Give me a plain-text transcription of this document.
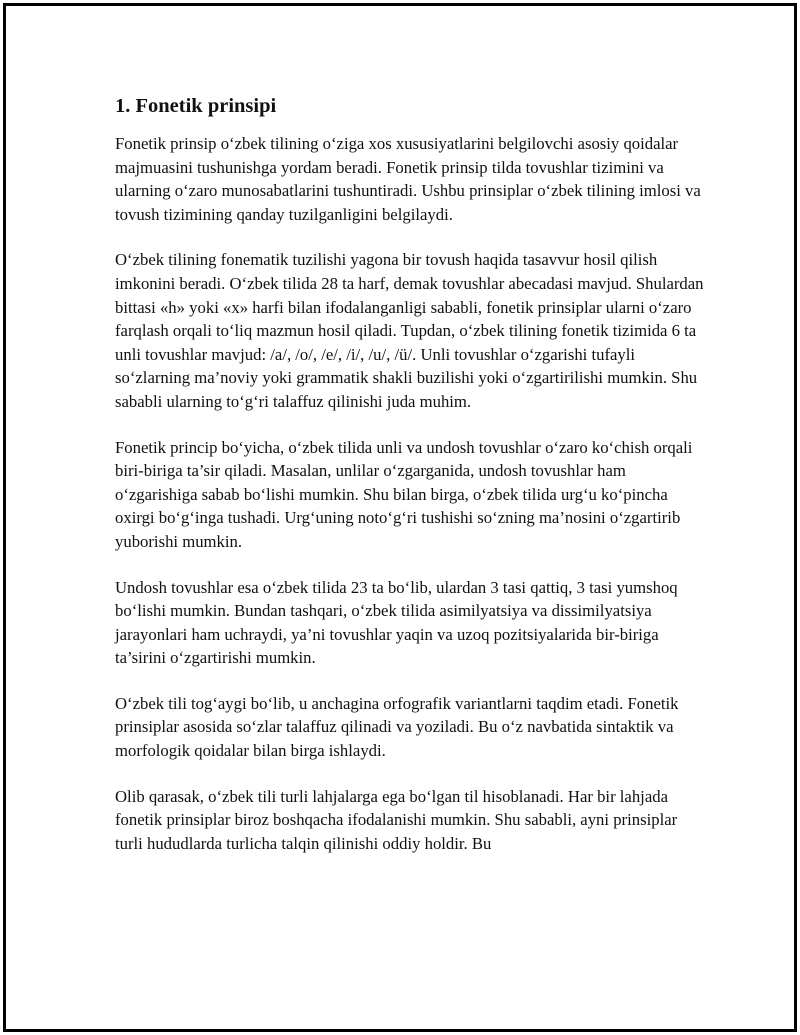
1. Fonetik prinsipi

Fonetik prinsip o‘zbek tilining o‘ziga xos xususiyatlarini belgilovchi asosiy qoidalar majmuasini tushunishga yordam beradi. Fonetik prinsip tilda tovushlar tizimini va ularning o‘zaro munosabatlarini tushuntiradi. Ushbu prinsiplar o‘zbek tilining imlosi va tovush tizimining qanday tuzilganligini belgilaydi.

O‘zbek tilining fonematik tuzilishi yagona bir tovush haqida tasavvur hosil qilish imkonini beradi. O‘zbek tilida 28 ta harf, demak tovushlar abecadasi mavjud. Shulardan bittasi «h» yoki «x» harfi bilan ifodalanganligi sababli, fonetik prinsiplar ularni o‘zaro farqlash orqali to‘liq mazmun hosil qiladi. Tupdan, o‘zbek tilining fonetik tizimida 6 ta unli tovushlar mavjud: /a/, /o/, /e/, /i/, /u/, /ü/. Unli tovushlar o‘zgarishi tufayli so‘zlarning ma’noviy yoki grammatik shakli buzilishi yoki o‘zgartirilishi mumkin. Shu sababli ularning to‘g‘ri talaffuz qilinishi juda muhim.

Fonetik princip bo‘yicha, o‘zbek tilida unli va undosh tovushlar o‘zaro ko‘chish orqali biri-biriga ta’sir qiladi. Masalan, unlilar o‘zgarganida, undosh tovushlar ham o‘zgarishiga sabab bo‘lishi mumkin. Shu bilan birga, o‘zbek tilida urg‘u ko‘pincha oxirgi bo‘g‘inga tushadi. Urg‘uning noto‘g‘ri tushishi so‘zning ma’nosini o‘zgartirib yuborishi mumkin.

Undosh tovushlar esa o‘zbek tilida 23 ta bo‘lib, ulardan 3 tasi qattiq, 3 tasi yumshoq bo‘lishi mumkin. Bundan tashqari, o‘zbek tilida asimilyatsiya va dissimilyatsiya jarayonlari ham uchraydi, ya’ni tovushlar yaqin va uzoq pozitsiyalarida bir-biriga ta’sirini o‘zgartirishi mumkin.

O‘zbek tili tog‘aygi bo‘lib, u anchagina orfografik variantlarni taqdim etadi. Fonetik prinsiplar asosida so‘zlar talaffuz qilinadi va yoziladi. Bu o‘z navbatida sintaktik va morfologik qoidalar bilan birga ishlaydi.

Olib qarasak, o‘zbek tili turli lahjalarga ega bo‘lgan til hisoblanadi. Har bir lahjada fonetik prinsiplar biroz boshqacha ifodalanishi mumkin. Shu sababli, ayni prinsiplar turli hududlarda turlicha talqin qilinishi oddiy holdir. Bu
